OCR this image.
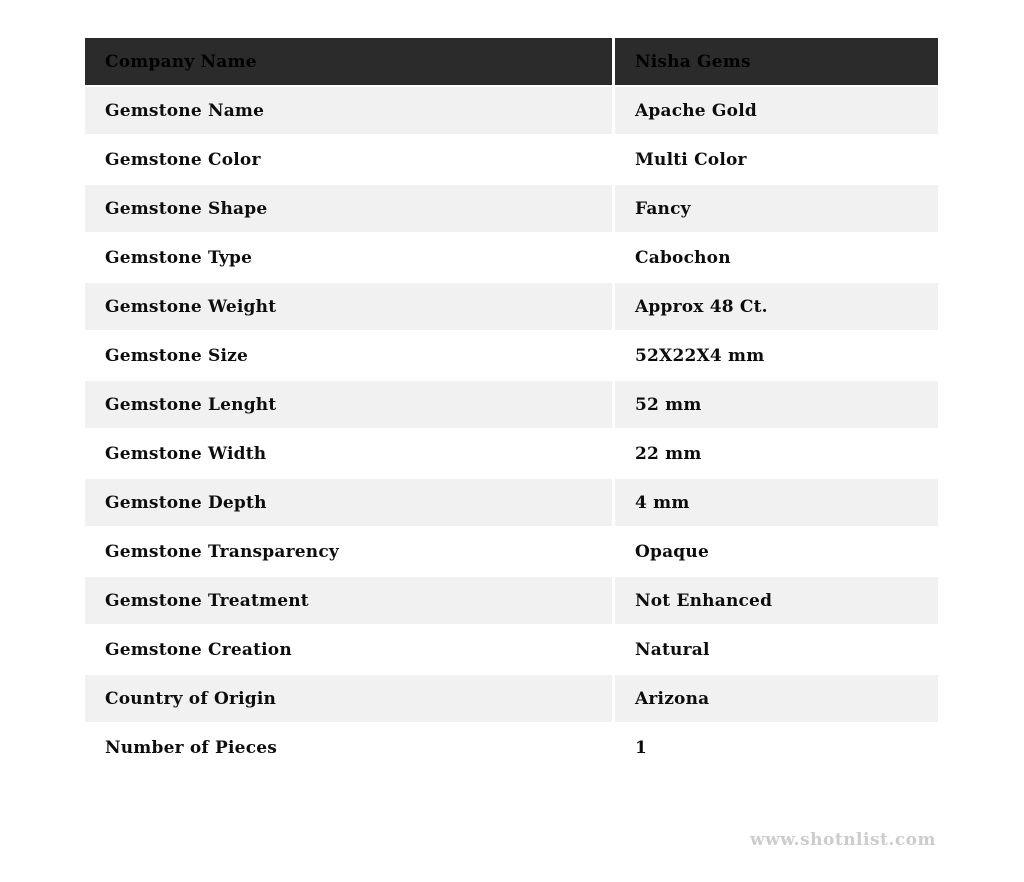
Company Name	Nisha Gems
Gemstone Name	Apache Gold
Gemstone Color	Multi Color
Gemstone Shape	Fancy
Gemstone Type	Cabochon
Gemstone Weight	Approx 48 Ct.
Gemstone Size	52X22X4 mm
Gemstone Lenght	52 mm
Gemstone Width	22 mm
Gemstone Depth	4 mm
Gemstone Transparency	Opaque
Gemstone Treatment	Not Enhanced
Gemstone Creation	Natural
Country of Origin	Arizona
Number of Pieces	1
www.shotnlist.com
